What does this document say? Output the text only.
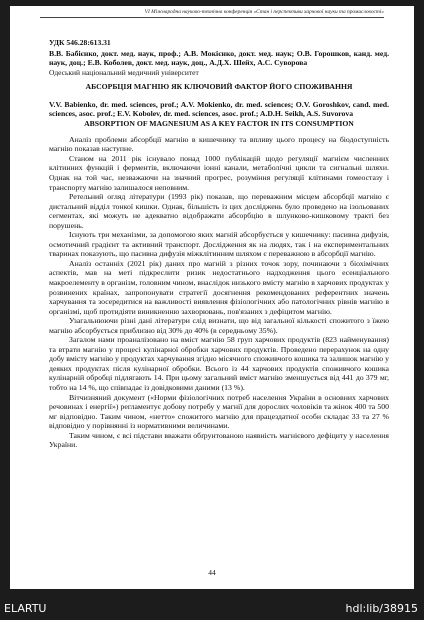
VI Міжнародна науково-технічна конференція «Стан і перспективи харчової науки та промисловості»
УДК 546.28:613.31
В.В. Бабієнко, докт. мед. наук, проф.; А.В. Мокієнко, докт. мед. наук; О.В. Горошков, канд. мед. наук, доц.; Е.В. Коболев, докт. мед. наук, доц., А.Д.Х. Шейх, А.С. Суворова
Одеський національний медичний університет
АБСОРБЦІЯ МАГНІЮ ЯК КЛЮЧОВИЙ ФАКТОР ЙОГО СПОЖИВАННЯ
V.V. Babienko, dr. med. sciences, prof.; A.V. Mokienko, dr. med. sciences; O.V. Goroshkov, cand. med. sciences, asoc. prof.; E.V. Kobolev, dr. med. sciences, asoc. prof.; A.D.H. Seikh, A.S. Suvorova
ABSORPTION OF MAGNESIUM AS A KEY FACTOR IN ITS CONSUMPTION

Аналіз проблеми абсорбції магнію в кишечнику та впливу цього процесу на біодоступність магнію показав наступне.

Станом на 2011 рік існувало понад 1000 публікацій щодо регуляції магнієм численних клітинних функцій і ферментів, включаючи іонні канали, метаболічні цикли та сигнальні шляхи. Однак на той час, незважаючи на значний прогрес, розуміння регуляції клітинами гомеостазу і транспорту магнію залишалося неповним.

Ретельний огляд літератури (1993 рік) показав, що переважним місцем абсорбції магнію є дистальний відділ тонкої кишки. Однак, більшість із цих досліджень було проведено на ізольованих сегментах, які можуть не адекватно відображати абсорбцію в шлунково-кишковому тракті без порушень.

Існують три механізми, за допомогою яких магній абсорбується у кишечнику: пасивна дифузія, осмотичний градієнт та активний транспорт. Дослідження як на людях, так і на експериментальних тваринах показують, що пасивна дифузія міжклітинним шляхом є переважною в абсорбції магнію.

Аналіз останніх (2021 рік) даних про магній з різних точок зору, починаючи з біохімічних аспектів, мав на меті підкреслити ризик недостатнього надходження цього есенціального макроелементу в організм, головним чином, внаслідок низького вмісту магнію в харчових продуктах у розвинених країнах, запропонувати стратегії досягнення рекомендованих референтних значень харчування та зосередитися на важливості виявлення фізіологічних або патологічних рівнів магнію в організмі, щоб протидіяти виникненню захворювань, пов'язаних з дефіцитом магнію.

Узагальнюючи різні дані літератури слід визнати, що від загальної кількості спожитого з їжею магнію абсорбується приблизно від 30% до 40% (в середньому 35%).

Загалом нами проаналізовано на вміст магнію 58 груп харчових продуктів (823 найменування) та втрати магнію у процесі кулінарної обробки харчових продуктів. Проведено перерахунок на одну добу вмісту магнію у продуктах харчування згідно місячного споживчого кошика та залишок магнію у деяких продуктах після кулінарної обробки. Всього із 44 харчових продуктів споживчого кошика кулінарній обробці підлягають 14. При цьому загальний вміст магнію зменшується від 441 до 379 мг, тобто на 14 %, що співпадає із довідковими даними (13 %).

Вітчизняний документ («Норми фізіологічних потреб населення України в основних харчових речовинах і енергії») регламентує добову потребу у магнії для дорослих чоловіків та жінок 400 та 500 мг відповідно. Таким чином, «нетто» спожитого магнію для працездатної особи складає 33 та 27 % відповідно у порівнянні із нормативними величинами.

Таким чином, є всі підстави вважати обґрунтованою наявність магнієвого дефіциту у населення України.

44
ELARTU	hdl:lib/38915
